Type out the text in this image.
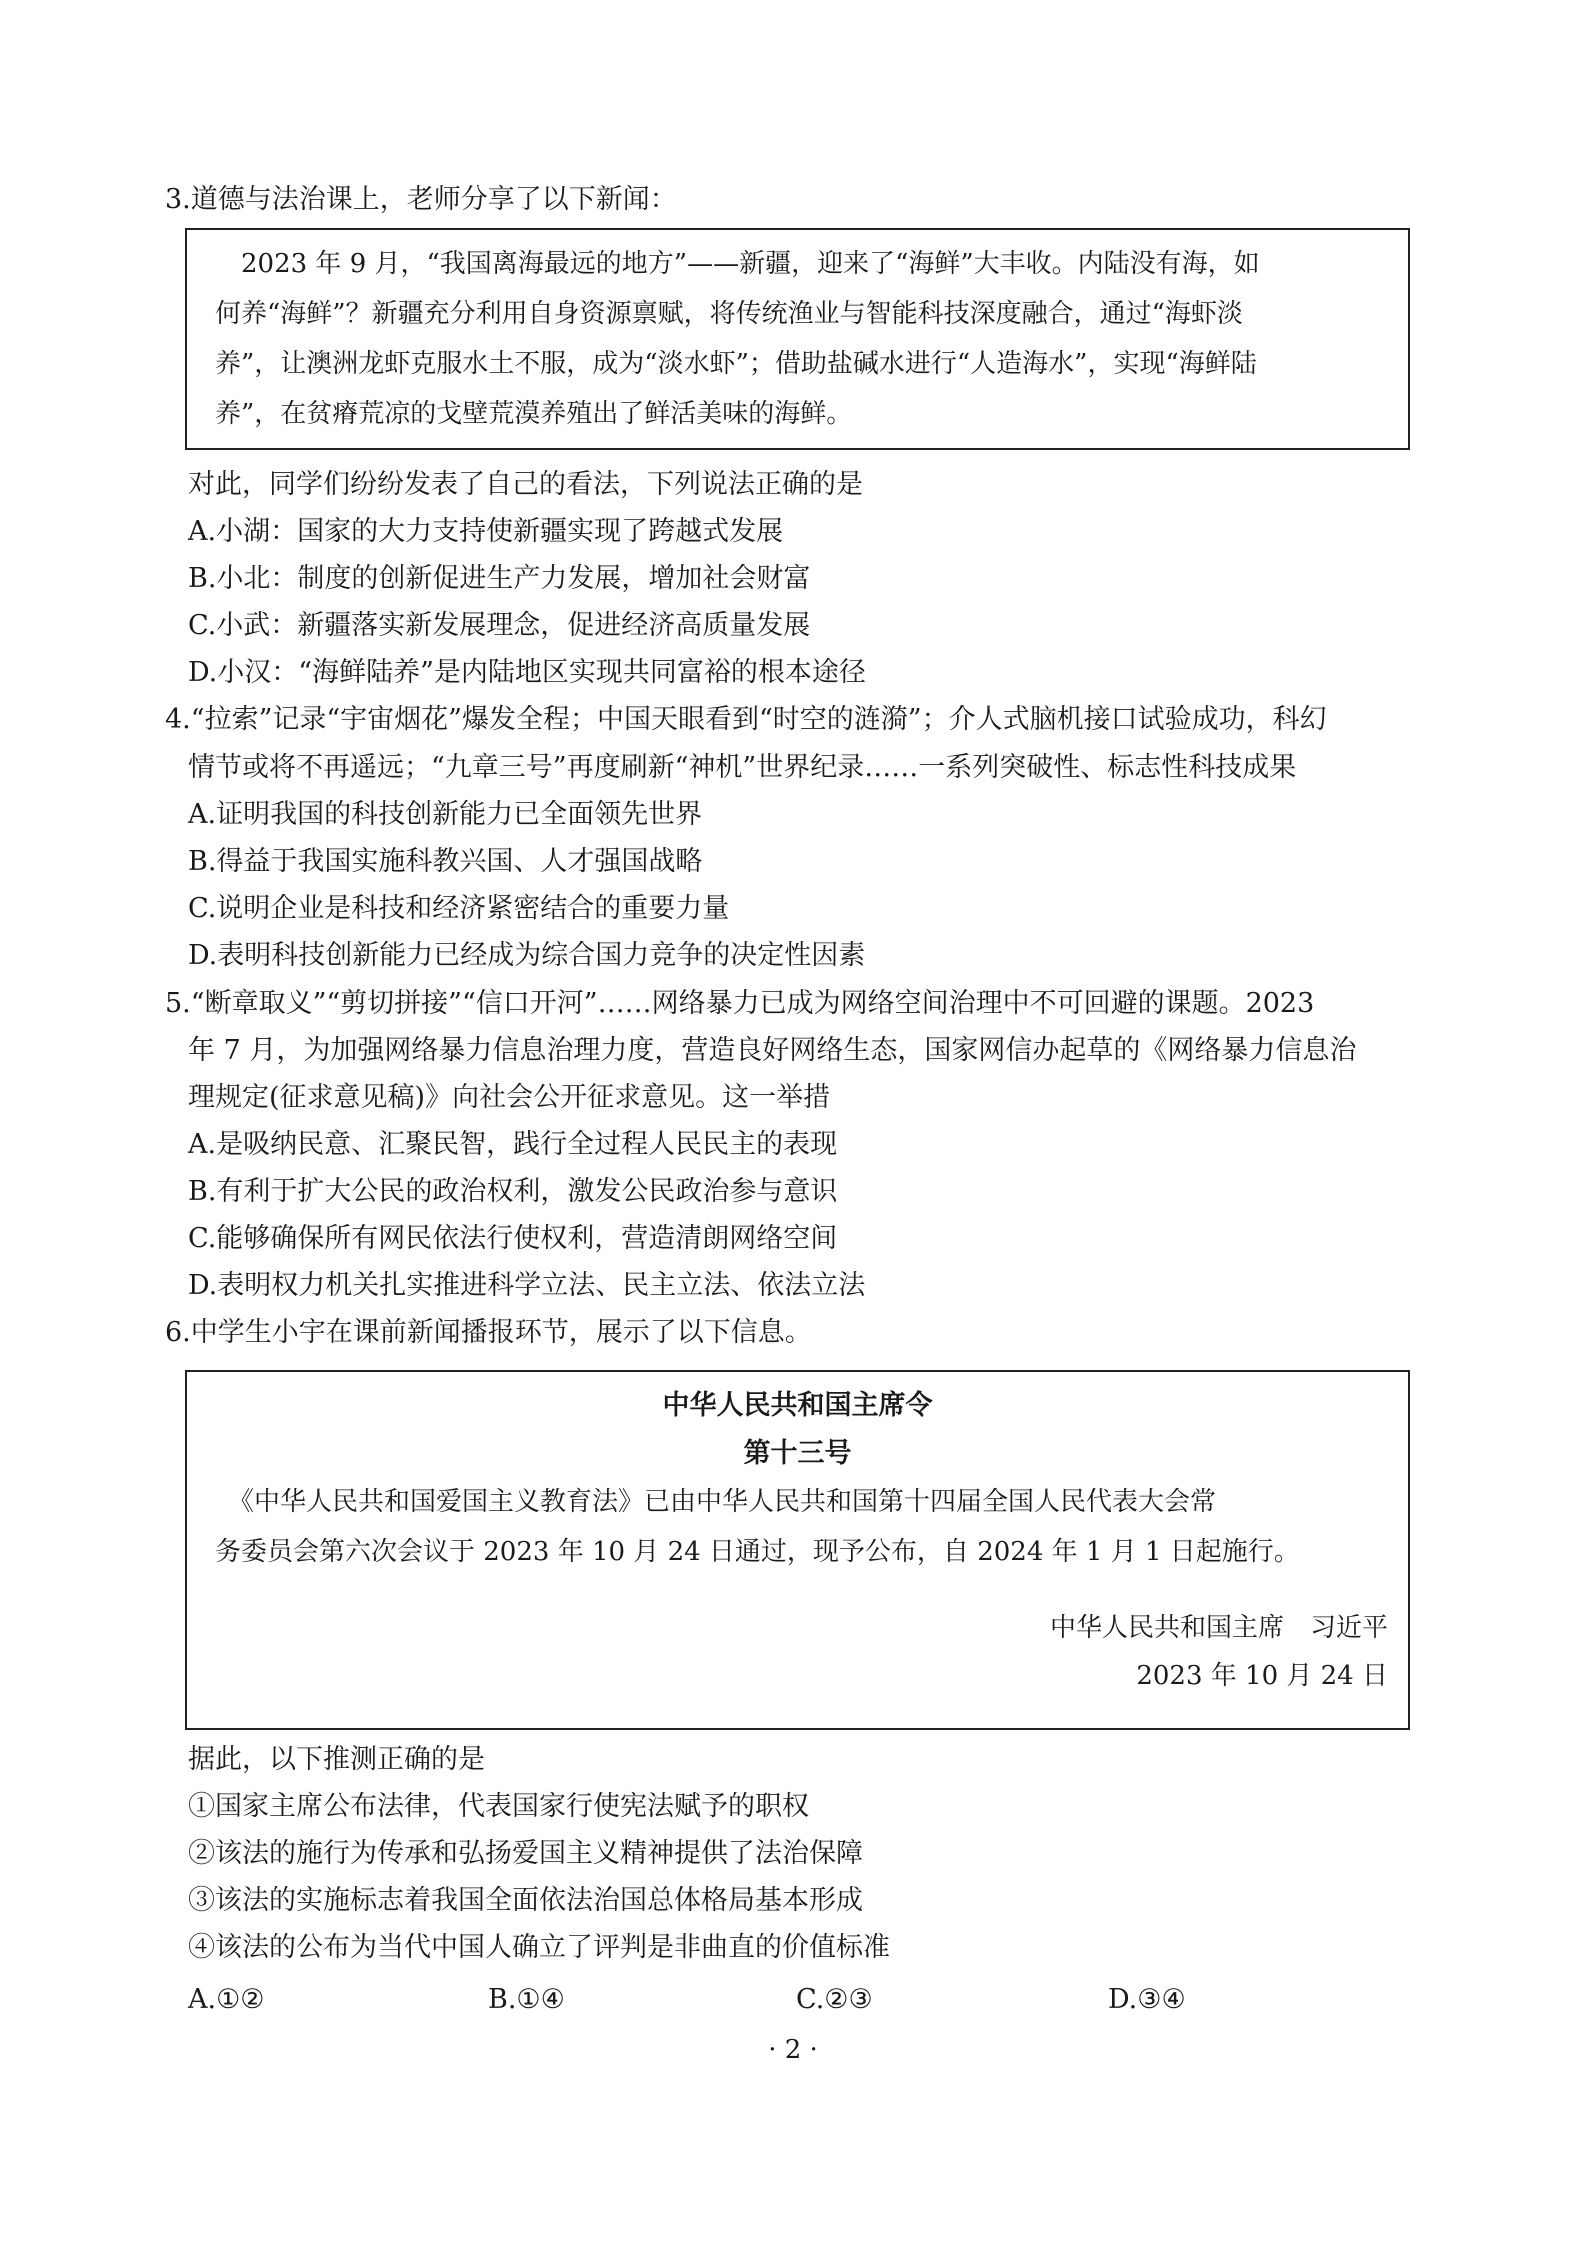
3.道德与法治课上，老师分享了以下新闻：
　2023 年 9 月，“我国离海最远的地方”——新疆，迎来了“海鲜”大丰收。内陆没有海，如
何养“海鲜”？新疆充分利用自身资源禀赋，将传统渔业与智能科技深度融合，通过“海虾淡
养”，让澳洲龙虾克服水土不服，成为“淡水虾”；借助盐碱水进行“人造海水”，实现“海鲜陆
养”，在贫瘠荒凉的戈壁荒漠养殖出了鲜活美味的海鲜。
对此，同学们纷纷发表了自己的看法，下列说法正确的是
A.小湖：国家的大力支持使新疆实现了跨越式发展
B.小北：制度的创新促进生产力发展，增加社会财富
C.小武：新疆落实新发展理念，促进经济高质量发展
D.小汉：“海鲜陆养”是内陆地区实现共同富裕的根本途径
4.“拉索”记录“宇宙烟花”爆发全程；中国天眼看到“时空的涟漪”；介人式脑机接口试验成功，科幻
情节或将不再遥远；“九章三号”再度刷新“神机”世界纪录……一系列突破性、标志性科技成果
A.证明我国的科技创新能力已全面领先世界
B.得益于我国实施科教兴国、人才强国战略
C.说明企业是科技和经济紧密结合的重要力量
D.表明科技创新能力已经成为综合国力竞争的决定性因素
5.“断章取义”“剪切拼接”“信口开河”……网络暴力已成为网络空间治理中不可回避的课题。2023
年 7 月，为加强网络暴力信息治理力度，营造良好网络生态，国家网信办起草的《网络暴力信息治
理规定(征求意见稿)》向社会公开征求意见。这一举措
A.是吸纳民意、汇聚民智，践行全过程人民民主的表现
B.有利于扩大公民的政治权利，激发公民政治参与意识
C.能够确保所有网民依法行使权利，营造清朗网络空间
D.表明权力机关扎实推进科学立法、民主立法、依法立法
6.中学生小宇在课前新闻播报环节，展示了以下信息。
中华人民共和国主席令
第十三号
　《中华人民共和国爱国主义教育法》已由中华人民共和国第十四届全国人民代表大会常
务委员会第六次会议于 2023 年 10 月 24 日通过，现予公布，自 2024 年 1 月 1 日起施行。
中华人民共和国主席　习近平
2023 年 10 月 24 日
据此，以下推测正确的是
①国家主席公布法律，代表国家行使宪法赋予的职权
②该法的施行为传承和弘扬爱国主义精神提供了法治保障
③该法的实施标志着我国全面依法治国总体格局基本形成
④该法的公布为当代中国人确立了评判是非曲直的价值标准
A.①②	B.①④	C.②③	D.③④
· 2 ·
